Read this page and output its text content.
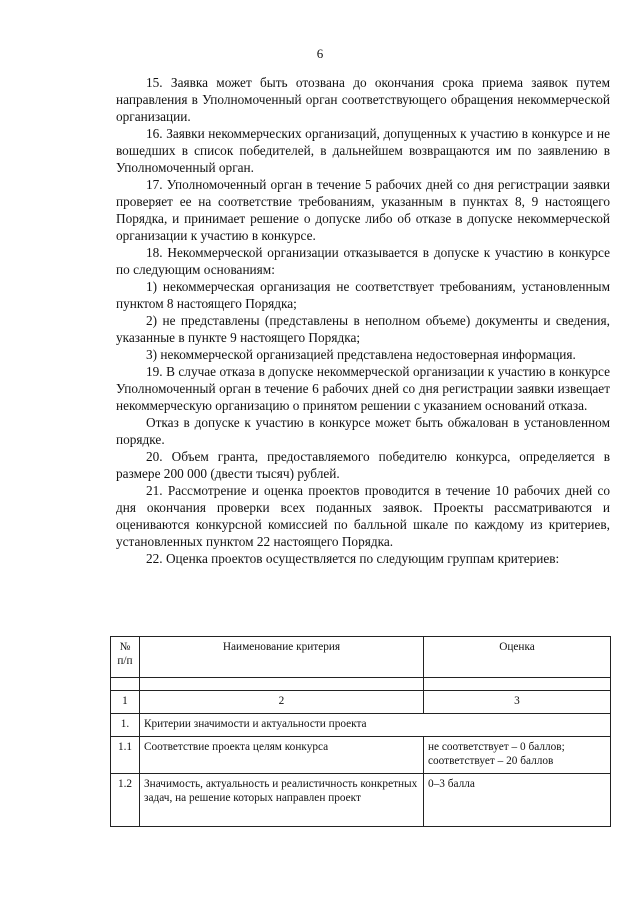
6

15. Заявка может быть отозвана до окончания срока приема заявок путем направления в Уполномоченный орган соответствующего обращения некоммерческой организации.

16. Заявки некоммерческих организаций, допущенных к участию в конкурсе и не вошедших в список победителей, в дальнейшем возвращаются им по заявлению в Уполномоченный орган.

17. Уполномоченный орган в течение 5 рабочих дней со дня регистрации заявки проверяет ее на соответствие требованиям, указанным в пунктах 8, 9 настоящего Порядка, и принимает решение о допуске либо об отказе в допуске некоммерческой организации к участию в конкурсе.

18. Некоммерческой организации отказывается в допуске к участию в конкурсе по следующим основаниям:

1) некоммерческая организация не соответствует требованиям, установленным пунктом 8 настоящего Порядка;

2) не представлены (представлены в неполном объеме) документы и сведения, указанные в пункте 9 настоящего Порядка;

3) некоммерческой организацией представлена недостоверная информация.

19. В случае отказа в допуске некоммерческой организации к участию в конкурсе Уполномоченный орган в течение 6 рабочих дней со дня регистрации заявки извещает некоммерческую организацию о принятом решении с указанием оснований отказа.

Отказ в допуске к участию в конкурсе может быть обжалован в установленном порядке.

20. Объем гранта, предоставляемого победителю конкурса, определяется в размере 200 000 (двести тысяч) рублей.

21. Рассмотрение и оценка проектов проводится в течение 10 рабочих дней со дня окончания проверки всех поданных заявок. Проекты рассматриваются и оцениваются конкурсной комиссией по балльной шкале по каждому из критериев, установленных пунктом 22 настоящего Порядка.

22. Оценка проектов осуществляется по следующим группам критериев:

№ п/п	Наименование критерия	Оценка

1	2	3
1.	Критерии значимости и актуальности проекта	
1.1	Соответствие проекта целям конкурса	не соответствует – 0 баллов; соответствует – 20 баллов
1.2	Значимость, актуальность и реалистичность конкретных задач, на решение которых направлен проект	0–3 балла
